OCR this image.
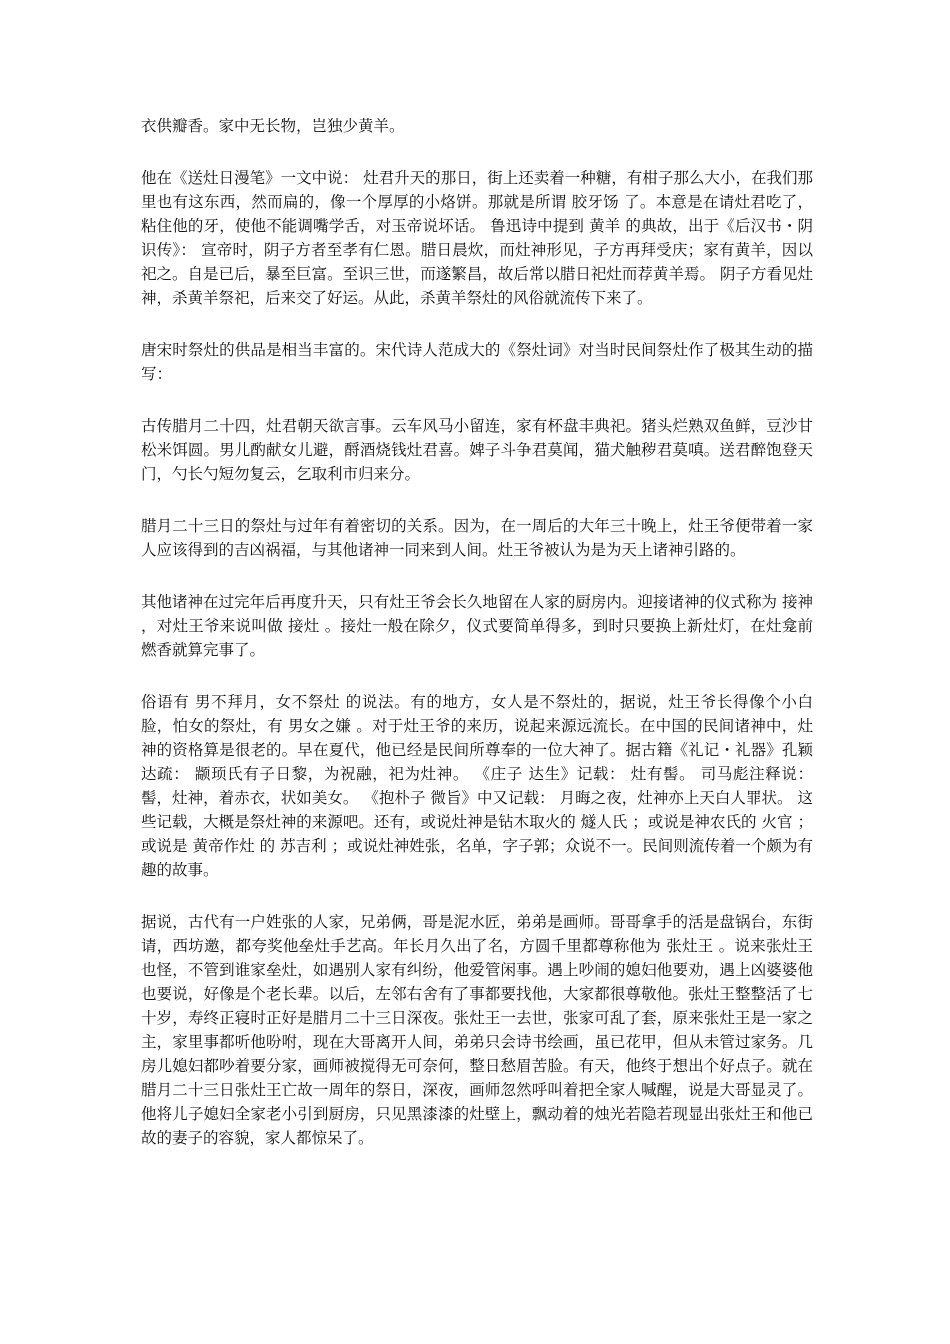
衣供瓣香。家中无长物，岂独少黄羊。

他在《送灶日漫笔》一文中说： 灶君升天的那日，街上还卖着一种糖，有柑子那么大小，在我们那里也有这东西，然而扁的，像一个厚厚的小烙饼。那就是所谓 胶牙饧 了。本意是在请灶君吃了，粘住他的牙，使他不能调嘴学舌，对玉帝说坏话。 鲁迅诗中提到 黄羊 的典故，出于《后汉书・阴识传》： 宣帝时，阴子方者至孝有仁恩。腊日晨炊，而灶神形见，子方再拜受庆；家有黄羊，因以祀之。自是已后，暴至巨富。至识三世，而遂繁昌，故后常以腊日祀灶而荐黄羊焉。 阴子方看见灶神，杀黄羊祭祀，后来交了好运。从此，杀黄羊祭灶的风俗就流传下来了。

唐宋时祭灶的供品是相当丰富的。宋代诗人范成大的《祭灶词》对当时民间祭灶作了极其生动的描写：

古传腊月二十四，灶君朝天欲言事。云车风马小留连，家有杯盘丰典祀。猪头烂熟双鱼鲜，豆沙甘松米饵圆。男儿酌献女儿避，酹酒烧钱灶君喜。婢子斗争君莫闻，猫犬触秽君莫嗔。送君醉饱登天门，勺长勺短勿复云，乞取利市归来分。

腊月二十三日的祭灶与过年有着密切的关系。因为，在一周后的大年三十晚上，灶王爷便带着一家人应该得到的吉凶祸福，与其他诸神一同来到人间。灶王爷被认为是为天上诸神引路的。

其他诸神在过完年后再度升天，只有灶王爷会长久地留在人家的厨房内。迎接诸神的仪式称为 接神 ，对灶王爷来说叫做 接灶 。接灶一般在除夕，仪式要简单得多，到时只要换上新灶灯，在灶龛前燃香就算完事了。

俗语有 男不拜月，女不祭灶 的说法。有的地方，女人是不祭灶的，据说，灶王爷长得像个小白脸，怕女的祭灶，有 男女之嫌 。对于灶王爷的来历，说起来源远流长。在中国的民间诸神中，灶神的资格算是很老的。早在夏代，他已经是民间所尊奉的一位大神了。据古籍《礼记・礼器》孔颖达疏： 颛顼氏有子日黎，为祝融，祀为灶神。 《庄子 达生》记载： 灶有髻。 司马彪注释说： 髻，灶神，着赤衣，状如美女。 《抱朴子 微旨》中又记载： 月晦之夜，灶神亦上天白人罪状。 这些记载，大概是祭灶神的来源吧。还有，或说灶神是钻木取火的 燧人氏 ；或说是神农氏的 火官 ；或说是 黄帝作灶 的 苏吉利 ；或说灶神姓张，名单，字子郭；众说不一。民间则流传着一个颇为有趣的故事。

据说，古代有一户姓张的人家，兄弟俩，哥是泥水匠，弟弟是画师。哥哥拿手的活是盘锅台，东街请，西坊邀，都夸奖他垒灶手艺高。年长月久出了名，方圆千里都尊称他为 张灶王 。说来张灶王也怪，不管到谁家垒灶，如遇别人家有纠纷，他爱管闲事。遇上吵闹的媳妇他要劝，遇上凶婆婆他也要说，好像是个老长辈。以后，左邻右舍有了事都要找他，大家都很尊敬他。张灶王整整活了七十岁，寿终正寝时正好是腊月二十三日深夜。张灶王一去世，张家可乱了套，原来张灶王是一家之主，家里事都听他吩咐，现在大哥离开人间，弟弟只会诗书绘画，虽已花甲，但从未管过家务。几房儿媳妇都吵着要分家，画师被搅得无可奈何，整日愁眉苦脸。有天，他终于想出个好点子。就在腊月二十三日张灶王亡故一周年的祭日，深夜，画师忽然呼叫着把全家人喊醒，说是大哥显灵了。他将儿子媳妇全家老小引到厨房，只见黑漆漆的灶壁上，飘动着的烛光若隐若现显出张灶王和他已故的妻子的容貌，家人都惊呆了。
